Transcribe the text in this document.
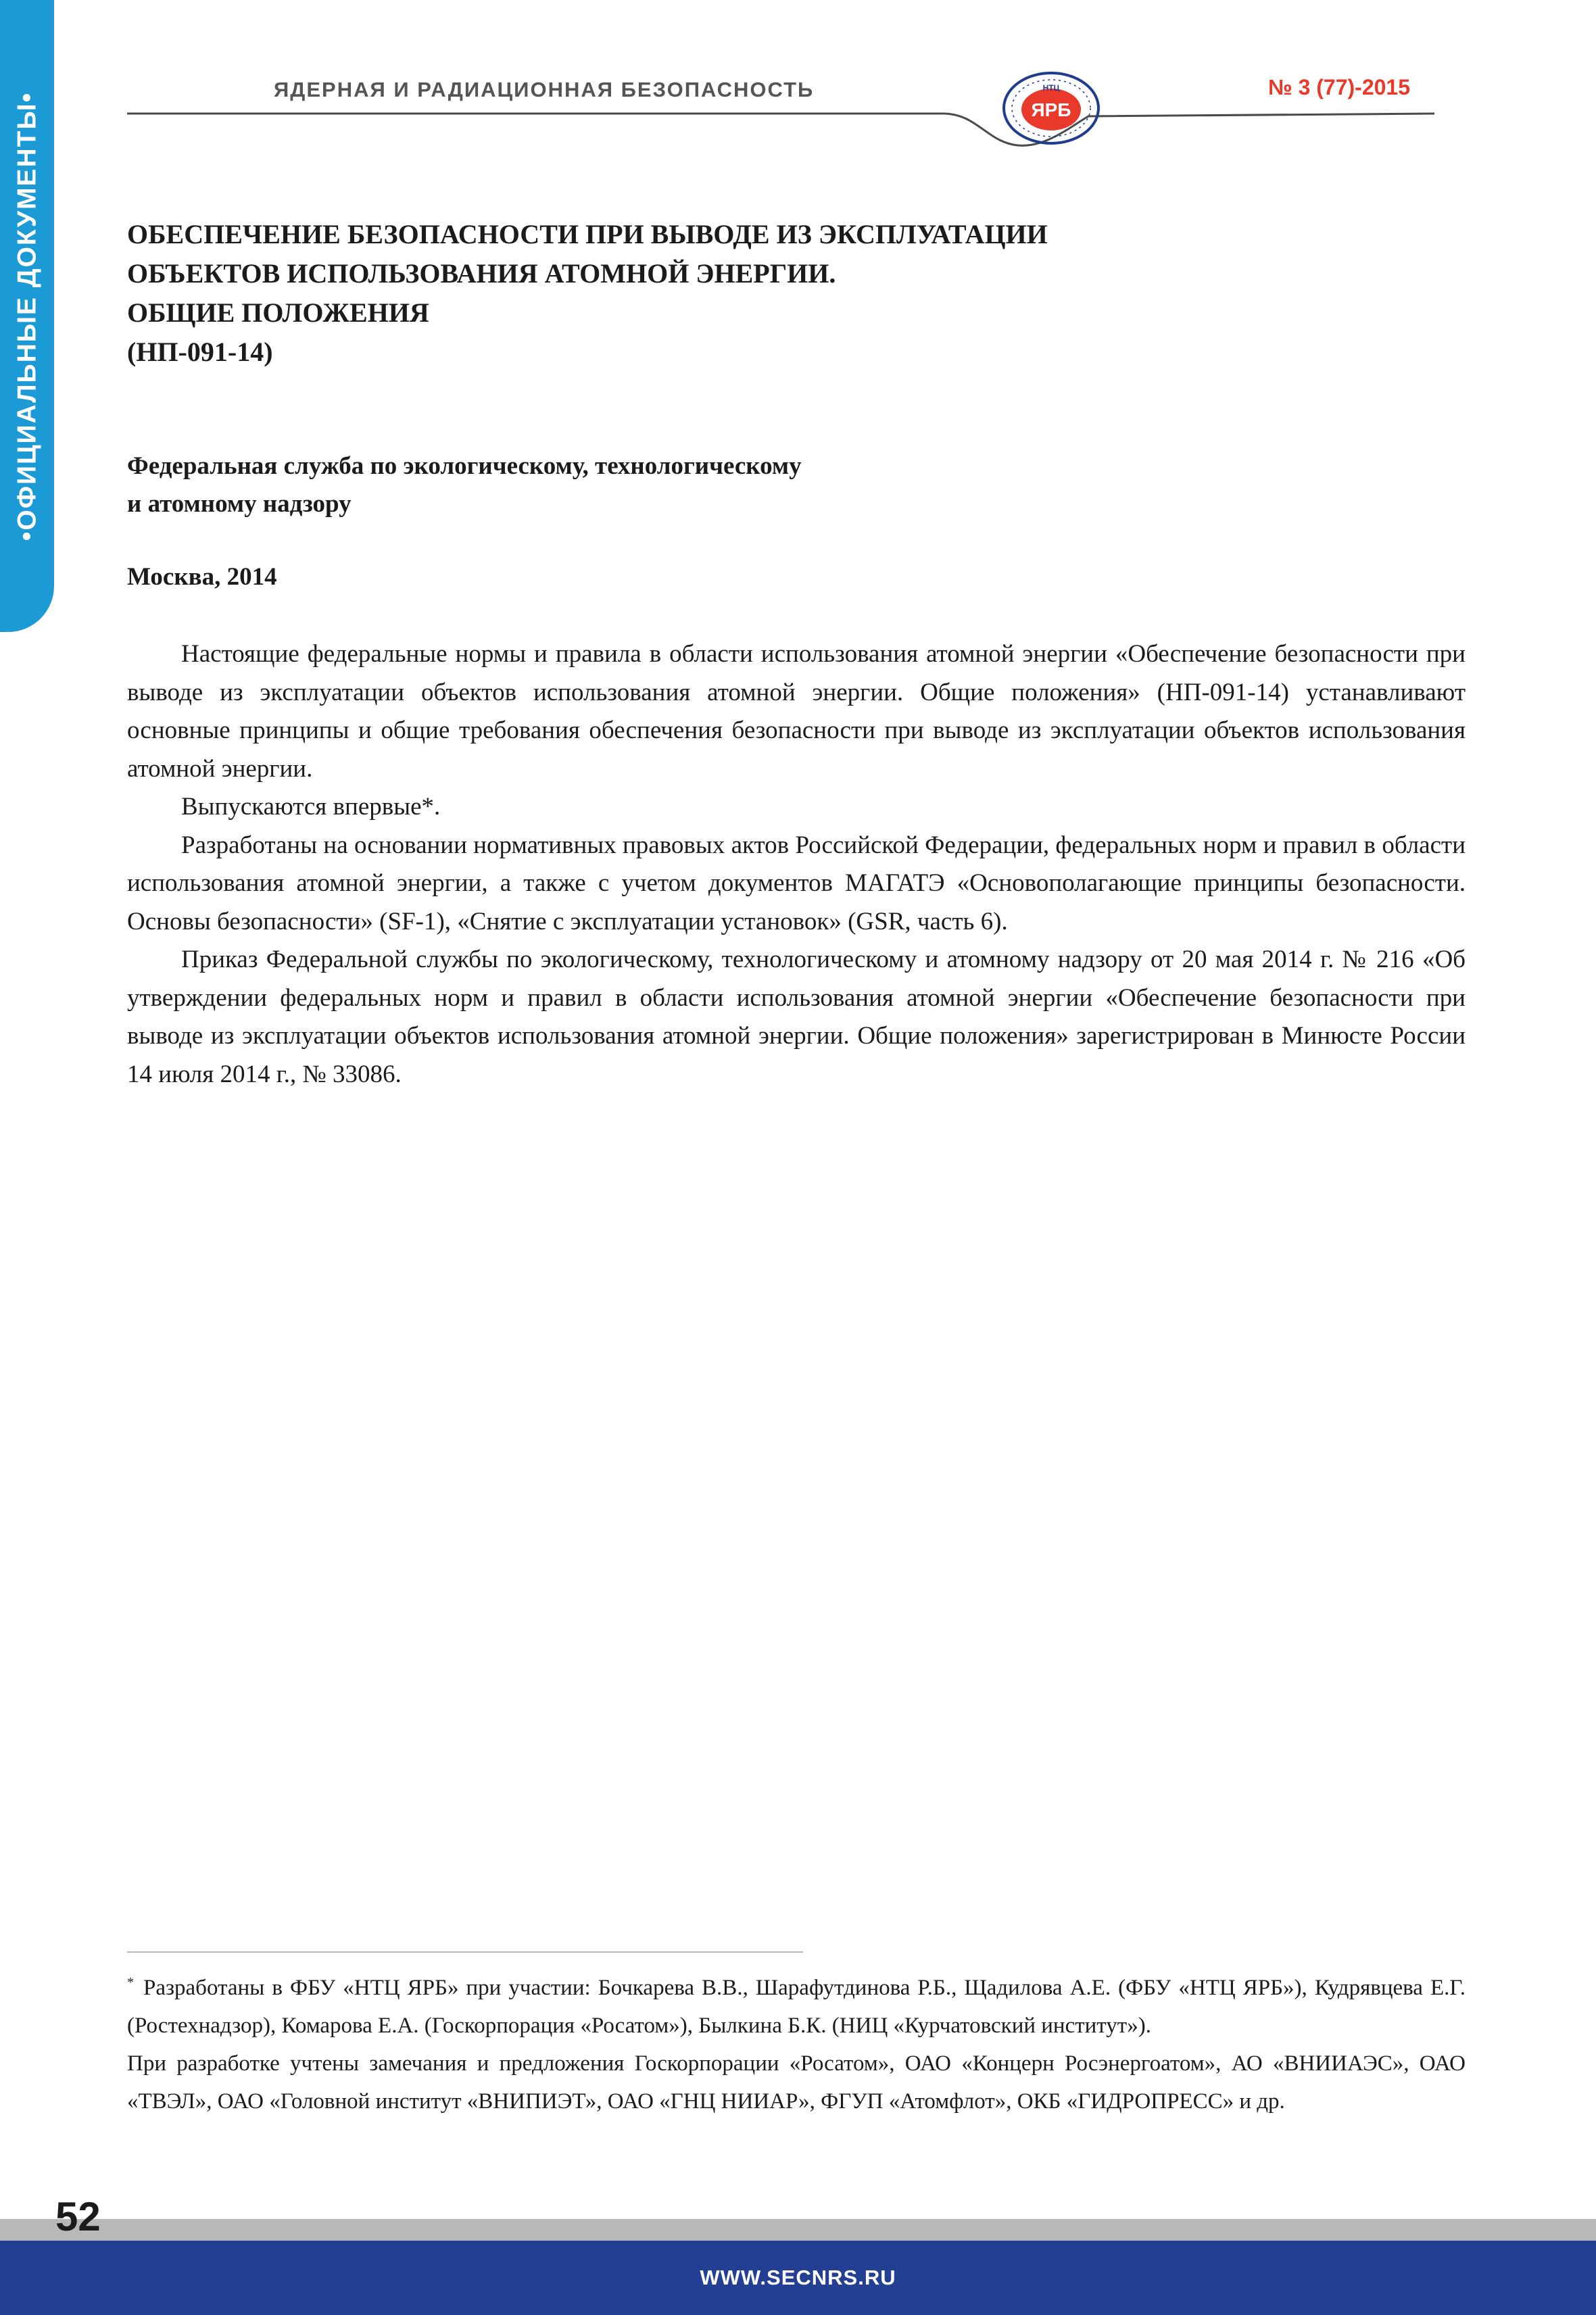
•ОФИЦИАЛЬНЫЕ ДОКУМЕНТЫ•
ЯДЕРНАЯ И РАДИАЦИОННАЯ БЕЗОПАСНОСТЬ	№ 3 (77)-2015
НТЦ
ЯРБ
ОБЕСПЕЧЕНИЕ БЕЗОПАСНОСТИ ПРИ ВЫВОДЕ ИЗ ЭКСПЛУАТАЦИИ
ОБЪЕКТОВ ИСПОЛЬЗОВАНИЯ АТОМНОЙ ЭНЕРГИИ.
ОБЩИЕ ПОЛОЖЕНИЯ
(НП-091-14)
Федеральная служба по экологическому, технологическому
и атомному надзору
Москва, 2014

Настоящие федеральные нормы и правила в области использования атомной энергии «Обеспечение безопасности при выводе из эксплуатации объектов использования атомной энергии. Общие положения» (НП-091-14) устанавливают основные принципы и общие требования обеспечения безопасности при выводе из эксплуатации объектов использования атомной энергии.

Выпускаются впервые*.

Разработаны на основании нормативных правовых актов Российской Федерации, федеральных норм и правил в области использования атомной энергии, а также с учетом документов МАГАТЭ «Основополагающие принципы безопасности. Основы безопасности» (SF-1), «Снятие с эксплуатации установок» (GSR, часть 6).

Приказ Федеральной службы по экологическому, технологическому и атомному надзору от 20 мая 2014 г. № 216 «Об утверждении федеральных норм и правил в области использования атомной энергии «Обеспечение безопасности при выводе из эксплуатации объектов использования атомной энергии. Общие положения» зарегистрирован в Минюсте России 14 июля 2014 г., № 33086.

* Разработаны в ФБУ «НТЦ ЯРБ» при участии: Бочкарева В.В., Шарафутдинова Р.Б., Щадилова А.Е. (ФБУ «НТЦ ЯРБ»), Кудрявцева Е.Г. (Ростехнадзор), Комарова Е.А. (Госкорпорация «Росатом»), Былкина Б.К. (НИЦ «Курчатовский институт»).

При разработке учтены замечания и предложения Госкорпорации «Росатом», ОАО «Концерн Росэнергоатом», АО «ВНИИАЭС», ОАО «ТВЭЛ», ОАО «Головной институт «ВНИПИЭТ», ОАО «ГНЦ НИИАР», ФГУП «Атомфлот», ОКБ «ГИДРОПРЕСС» и др.

WWW.SECNRS.RU
52
